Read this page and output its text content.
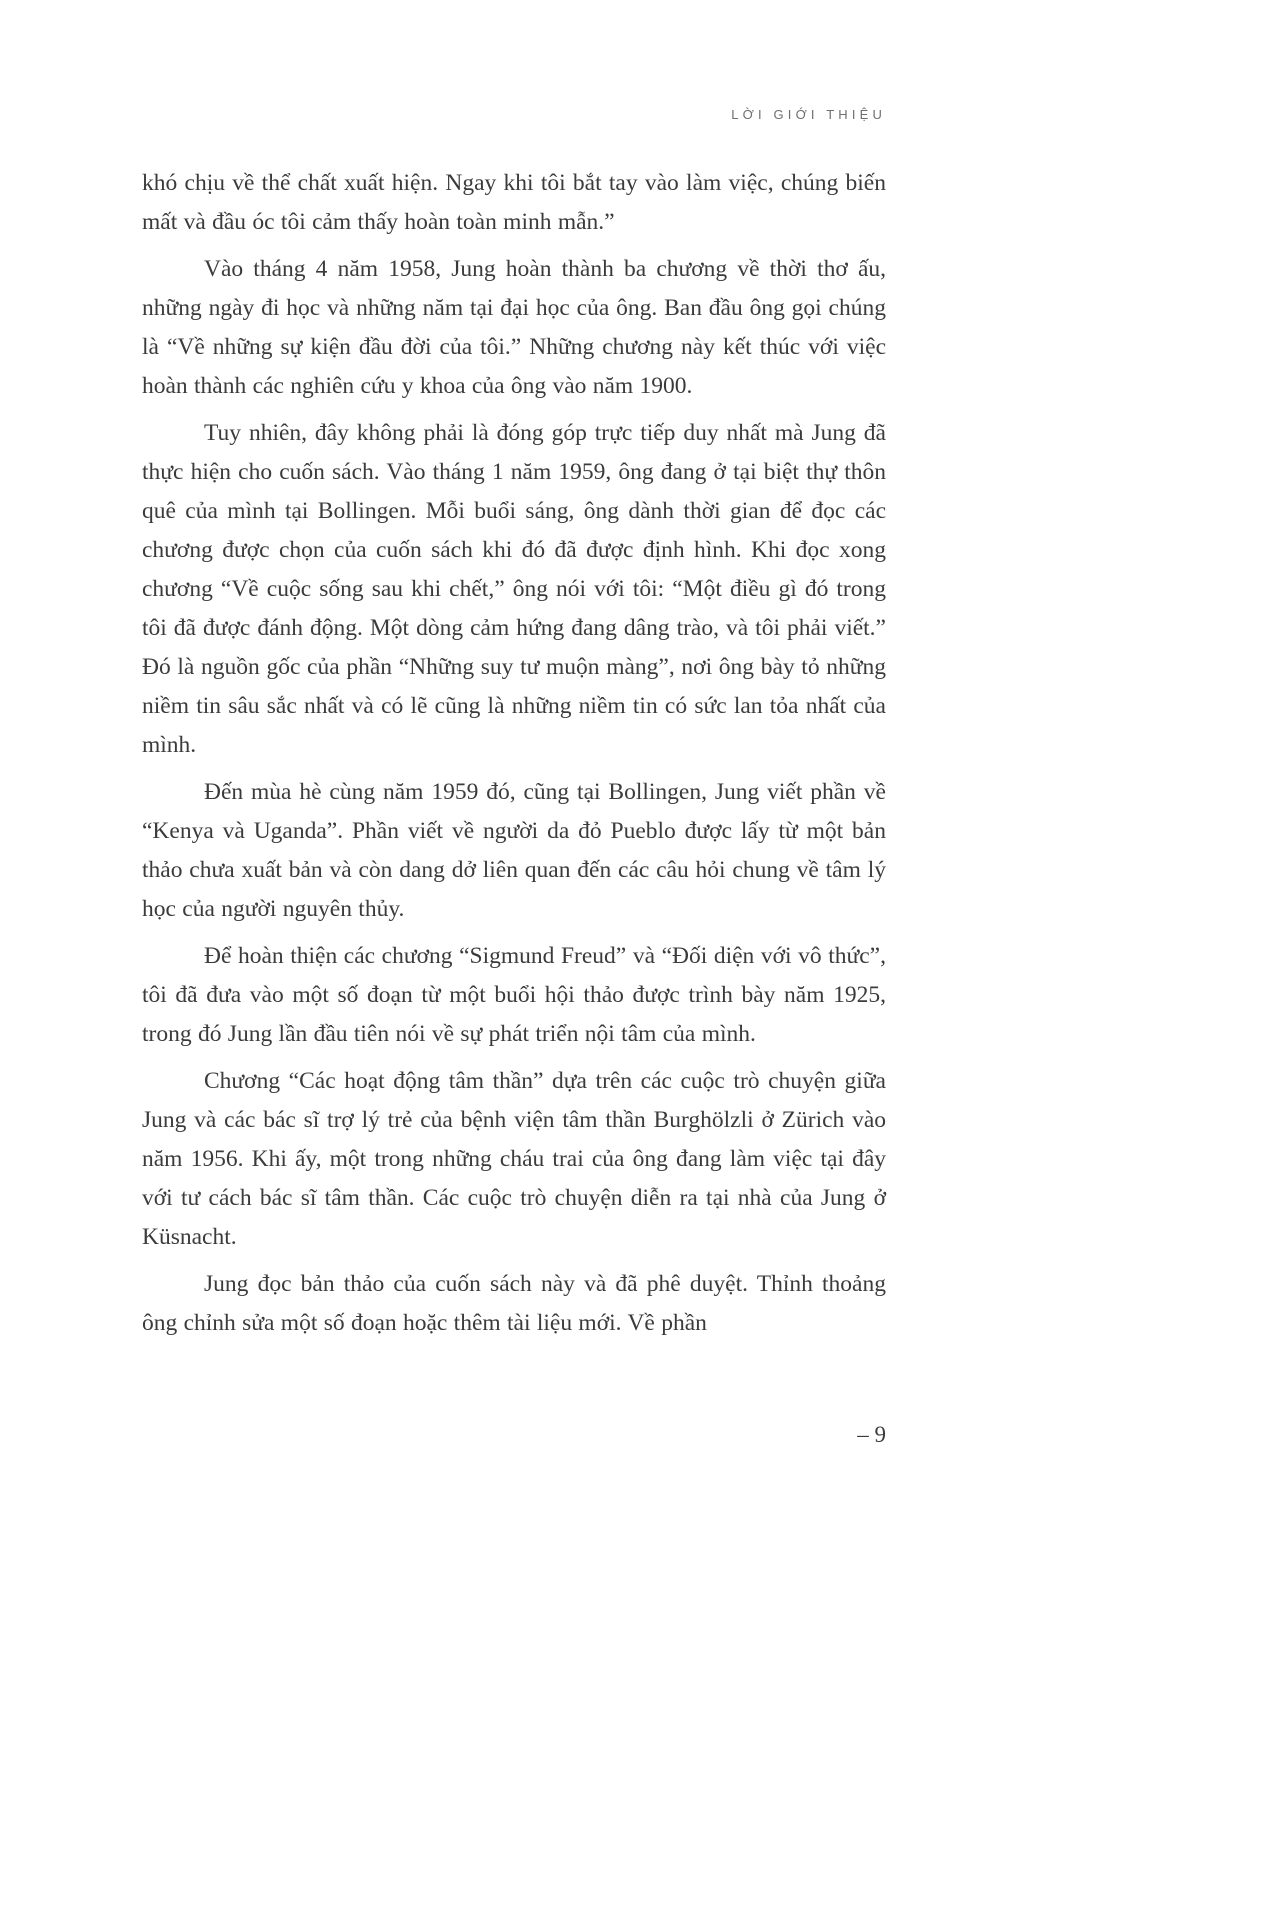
LỜI GIỚI THIỆU

khó chịu về thể chất xuất hiện. Ngay khi tôi bắt tay vào làm việc, chúng biến mất và đầu óc tôi cảm thấy hoàn toàn minh mẫn.”

Vào tháng 4 năm 1958, Jung hoàn thành ba chương về thời thơ ấu, những ngày đi học và những năm tại đại học của ông. Ban đầu ông gọi chúng là “Về những sự kiện đầu đời của tôi.” Những chương này kết thúc với việc hoàn thành các nghiên cứu y khoa của ông vào năm 1900.

Tuy nhiên, đây không phải là đóng góp trực tiếp duy nhất mà Jung đã thực hiện cho cuốn sách. Vào tháng 1 năm 1959, ông đang ở tại biệt thự thôn quê của mình tại Bollingen. Mỗi buổi sáng, ông dành thời gian để đọc các chương được chọn của cuốn sách khi đó đã được định hình. Khi đọc xong chương “Về cuộc sống sau khi chết,” ông nói với tôi: “Một điều gì đó trong tôi đã được đánh động. Một dòng cảm hứng đang dâng trào, và tôi phải viết.” Đó là nguồn gốc của phần “Những suy tư muộn màng”, nơi ông bày tỏ những niềm tin sâu sắc nhất và có lẽ cũng là những niềm tin có sức lan tỏa nhất của mình.

Đến mùa hè cùng năm 1959 đó, cũng tại Bollingen, Jung viết phần về “Kenya và Uganda”. Phần viết về người da đỏ Pueblo được lấy từ một bản thảo chưa xuất bản và còn dang dở liên quan đến các câu hỏi chung về tâm lý học của người nguyên thủy.

Để hoàn thiện các chương “Sigmund Freud” và “Đối diện với vô thức”, tôi đã đưa vào một số đoạn từ một buổi hội thảo được trình bày năm 1925, trong đó Jung lần đầu tiên nói về sự phát triển nội tâm của mình.

Chương “Các hoạt động tâm thần” dựa trên các cuộc trò chuyện giữa Jung và các bác sĩ trợ lý trẻ của bệnh viện tâm thần Burghölzli ở Zürich vào năm 1956. Khi ấy, một trong những cháu trai của ông đang làm việc tại đây với tư cách bác sĩ tâm thần. Các cuộc trò chuyện diễn ra tại nhà của Jung ở Küsnacht.

Jung đọc bản thảo của cuốn sách này và đã phê duyệt. Thỉnh thoảng ông chỉnh sửa một số đoạn hoặc thêm tài liệu mới. Về phần

– 9
